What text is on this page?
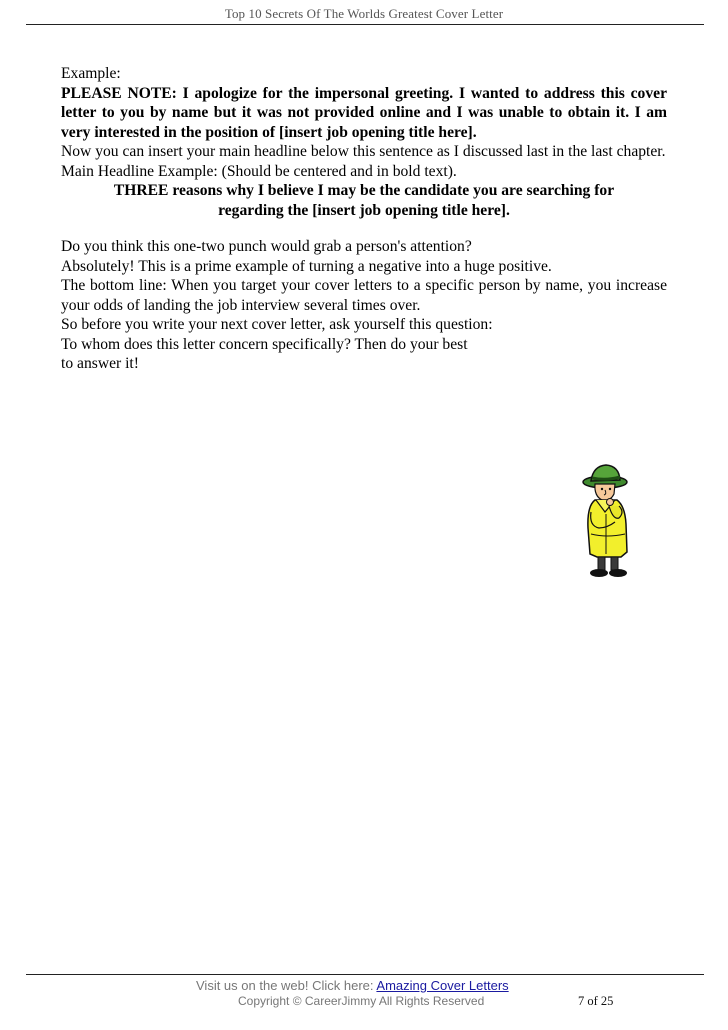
Top 10 Secrets Of The Worlds Greatest Cover Letter

Example:

PLEASE NOTE: I apologize for the impersonal greeting. I wanted to address this cover letter to you by name but it was not provided online and I was unable to obtain it. I am very interested in the position of [insert job opening title here].

Now you can insert your main headline below this sentence as I discussed last in the last chapter.

Main Headline Example: (Should be centered and in bold text).

THREE reasons why I believe I may be the candidate you are searching for
regarding the [insert job opening title here].

Do you think this one-two punch would grab a person's attention?

Absolutely! This is a prime example of turning a negative into a huge positive.

The bottom line: When you target your cover letters to a specific person by name, you increase your odds of landing the job interview several times over.

So before you write your next cover letter, ask yourself this question:

To whom does this letter concern specifically? Then do your best
to answer it!
Visit us on the web! Click here: Amazing Cover Letters
Copyright © CareerJimmy All Rights Reserved	7 of 25
